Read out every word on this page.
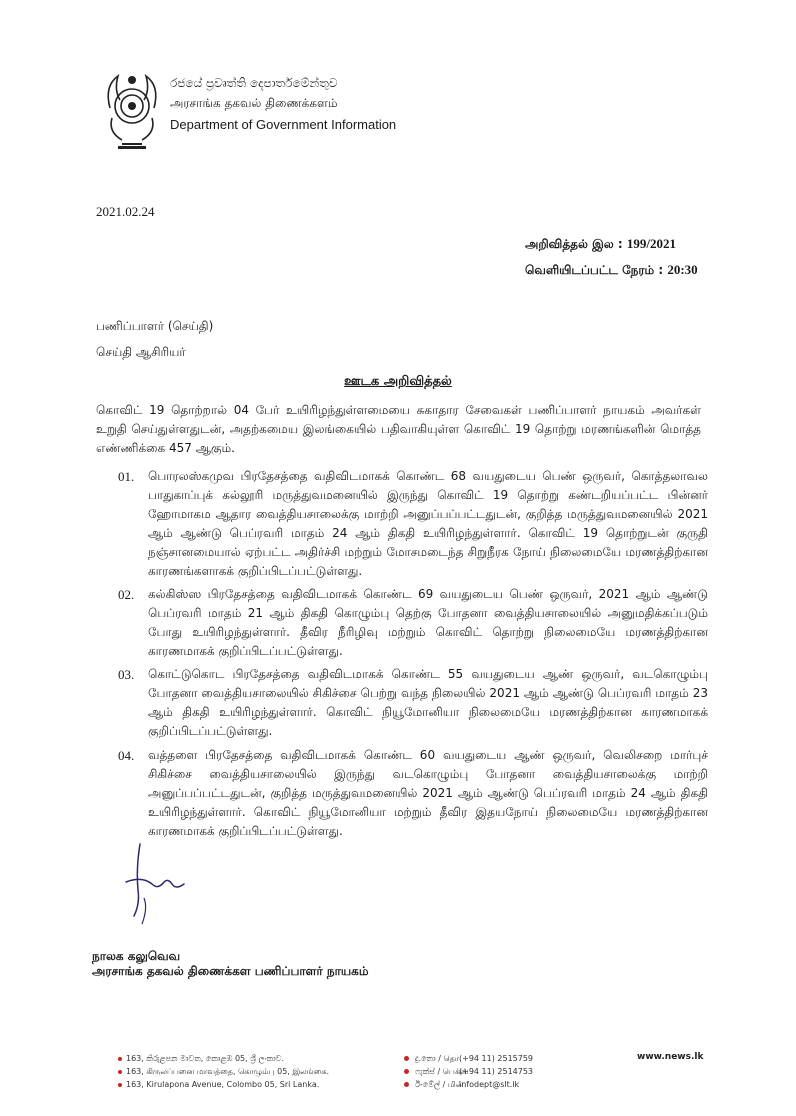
රජයේ ප්‍රවෘත්ති දෙපාර්තමේන්තුව
அரசாங்க தகவல் திணைக்களம்
Department of Government Information
2021.02.24
அறிவித்தல் இல : 199/2021
வெளியிடப்பட்ட நேரம் : 20:30
பணிப்பாளர் (செய்தி)
செய்தி ஆசிரியர்
ஊடக அறிவித்தல்
கொவிட் 19 தொற்றால் 04 பேர் உயிரிழந்துள்ளமையை சுகாதார சேவைகள் பணிப்பாளர் நாயகம் அவர்கள் உறுதி செய்துள்ளதுடன், அதற்கமைய இலங்கையில் பதிவாகியுள்ள கொவிட் 19 தொற்று மரணங்களின் மொத்த எண்ணிக்கை 457 ஆகும்.
01. பொரலஸ்கமுவ பிரதேசத்தை வதிவிடமாகக் கொண்ட 68 வயதுடைய பெண் ஒருவர், கொத்தலாவல பாதுகாப்புக் கல்லூரி மருத்துவமனையில் இருந்து கொவிட் 19 தொற்று கண்டறியப்பட்ட பின்னர் ஹோமாகம ஆதார வைத்தியசாலைக்கு மாற்றி அனுப்பப்பட்டதுடன், குறித்த மருத்துவமனையில் 2021 ஆம் ஆண்டு பெப்ரவரி மாதம் 24 ஆம் திகதி உயிரிழந்துள்ளார். கொவிட் 19 தொற்றுடன் குருதி நஞ்சானமையால் ஏற்பட்ட அதிர்ச்சி மற்றும் மோசமடைந்த சிறுநீரக நோய் நிலைமையே மரணத்திற்கான காரணங்களாகக் குறிப்பிடப்பட்டுள்ளது.
02. கல்கிஸ்ஸ பிரதேசத்தை வதிவிடமாகக் கொண்ட 69 வயதுடைய பெண் ஒருவர், 2021 ஆம் ஆண்டு பெப்ரவரி மாதம் 21 ஆம் திகதி கொழும்பு தெற்கு போதனா வைத்தியசாலையில் அனுமதிக்கப்படும் போது உயிரிழந்துள்ளார். தீவிர நீரிழிவு மற்றும் கொவிட் தொற்று நிலைமையே மரணத்திற்கான காரணமாகக் குறிப்பிடப்பட்டுள்ளது.
03. கொட்டுகொட பிரதேசத்தை வதிவிடமாகக் கொண்ட 55 வயதுடைய ஆண் ஒருவர், வடகொழும்பு போதனா வைத்தியசாலையில் சிகிச்சை பெற்று வந்த நிலையில் 2021 ஆம் ஆண்டு பெப்ரவரி மாதம் 23 ஆம் திகதி உயிரிழந்துள்ளார். கொவிட் நியூமோனியா நிலைமையே மரணத்திற்கான காரணமாகக் குறிப்பிடப்பட்டுள்ளது.
04. வத்தளை பிரதேசத்தை வதிவிடமாகக் கொண்ட 60 வயதுடைய ஆண் ஒருவர், வெலிசறை மார்புச் சிகிச்சை வைத்தியசாலையில் இருந்து வடகொழும்பு போதனா வைத்தியசாலைக்கு மாற்றி அனுப்பப்பட்டதுடன், குறித்த மருத்துவமனையில் 2021 ஆம் ஆண்டு பெப்ரவரி மாதம் 24 ஆம் திகதி உயிரிழந்துள்ளார். கொவிட் நியூமோனியா மற்றும் தீவிர இதயநோய் நிலைமையே மரணத்திற்கான காரணமாகக் குறிப்பிடப்பட்டுள்ளது.
நாலக கலுவெவ
அரசாங்க தகவல் திணைக்கள பணிப்பாளர் நாயகம்
163, කිරුළපන මාවත, කොළඹ 05, ශ්‍රී ලංකාව.
163, கிருலப்பனை மாவத்தை, கொழும்பு 05, இலங்கை.
163, Kirulapona Avenue, Colombo 05, Sri Lanka.
දු.තො / தொ.
(+94 11) 2515759
ෆැක්ස් / பெக்ஸ்
(+94 11) 2514753
ඊ-මේල් / மின்
infodept@slt.lk
www.news.lk
